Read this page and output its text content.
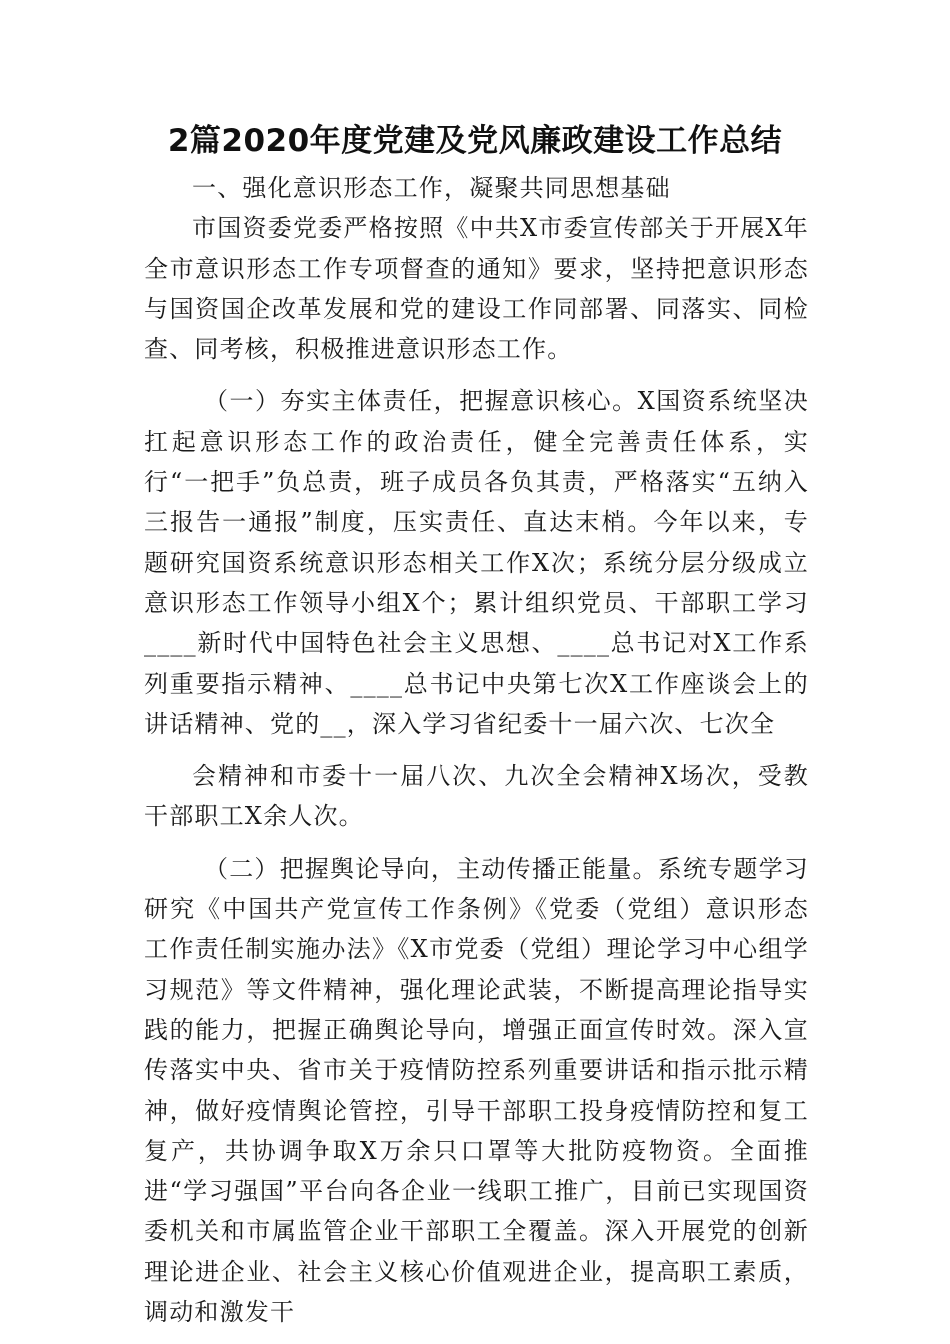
2篇2020年度党建及党风廉政建设工作总结

一、强化意识形态工作，凝聚共同思想基础

市国资委党委严格按照《中共X市委宣传部关于开展X年全市意识形态工作专项督查的通知》要求，坚持把意识形态与国资国企改革发展和党的建设工作同部署、同落实、同检查、同考核，积极推进意识形态工作。

（一）夯实主体责任，把握意识核心。X国资系统坚决扛起意识形态工作的政治责任，健全完善责任体系，实行“一把手”负总责，班子成员各负其责，严格落实“五纳入三报告一通报”制度，压实责任、直达末梢。今年以来，专题研究国资系统意识形态相关工作X次；系统分层分级成立意识形态工作领导小组X个；累计组织党员、干部职工学习____新时代中国特色社会主义思想、____总书记对X工作系列重要指示精神、____总书记中央第七次X工作座谈会上的讲话精神、党的__，深入学习省纪委十一届六次、七次全

会精神和市委十一届八次、九次全会精神X场次，受教干部职工X余人次。

（二）把握舆论导向，主动传播正能量。系统专题学习研究《中国共产党宣传工作条例》《党委（党组）意识形态工作责任制实施办法》《X市党委（党组）理论学习中心组学习规范》等文件精神，强化理论武装，不断提高理论指导实践的能力，把握正确舆论导向，增强正面宣传时效。深入宣传落实中央、省市关于疫情防控系列重要讲话和指示批示精神，做好疫情舆论管控，引导干部职工投身疫情防控和复工复产，共协调争取X万余只口罩等大批防疫物资。全面推进“学习强国”平台向各企业一线职工推广，目前已实现国资委机关和市属监管企业干部职工全覆盖。深入开展党的创新理论进企业、社会主义核心价值观进企业，提高职工素质，调动和激发干
